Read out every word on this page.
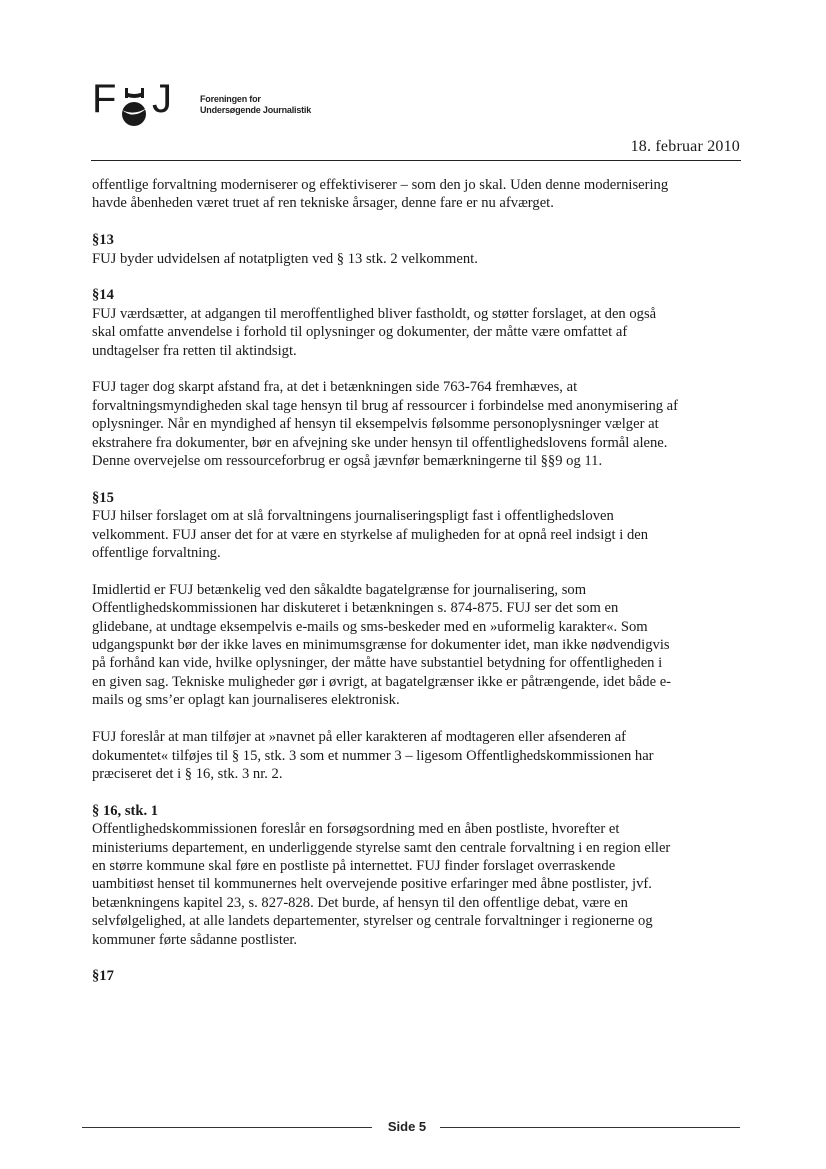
F J	Foreningen for
Undersøgende Journalistik
18. februar 2010

offentlige forvaltning moderniserer og effektiviserer – som den jo skal. Uden denne modernisering
havde åbenheden været truet af ren tekniske årsager, denne fare er nu afværget.

§13
FUJ byder udvidelsen af notatpligten ved § 13 stk. 2 velkomment.

§14
FUJ værdsætter, at adgangen til meroffentlighed bliver fastholdt, og støtter forslaget, at den også
skal omfatte anvendelse i forhold til oplysninger og dokumenter, der måtte være omfattet af
undtagelser fra retten til aktindsigt.

FUJ tager dog skarpt afstand fra, at det i betænkningen side 763-764 fremhæves, at
forvaltningsmyndigheden skal tage hensyn til brug af ressourcer i forbindelse med anonymisering af
oplysninger. Når en myndighed af hensyn til eksempelvis følsomme personoplysninger vælger at
ekstrahere fra dokumenter, bør en afvejning ske under hensyn til offentlighedslovens formål alene.
Denne overvejelse om ressourceforbrug er også jævnfør bemærkningerne til §§9 og 11.

§15
FUJ hilser forslaget om at slå forvaltningens journaliseringspligt fast i offentlighedsloven
velkomment. FUJ anser det for at være en styrkelse af muligheden for at opnå reel indsigt i den
offentlige forvaltning.

Imidlertid er FUJ betænkelig ved den såkaldte bagatelgrænse for journalisering, som
Offentlighedskommissionen har diskuteret i betænkningen s. 874-875. FUJ ser det som en
glidebane, at undtage eksempelvis e-mails og sms-beskeder med en »uformelig karakter«. Som
udgangspunkt bør der ikke laves en minimumsgrænse for dokumenter idet, man ikke nødvendigvis
på forhånd kan vide, hvilke oplysninger, der måtte have substantiel betydning for offentligheden i
en given sag. Tekniske muligheder gør i øvrigt, at bagatelgrænser ikke er påtrængende, idet både e-
mails og sms’er oplagt kan journaliseres elektronisk.

FUJ foreslår at man tilføjer at »navnet på eller karakteren af modtageren eller afsenderen af
dokumentet« tilføjes til § 15, stk. 3 som et nummer 3 – ligesom Offentlighedskommissionen har
præciseret det i § 16, stk. 3 nr. 2.

§ 16, stk. 1
Offentlighedskommissionen foreslår en forsøgsordning med en åben postliste, hvorefter et
ministeriums departement, en underliggende styrelse samt den centrale forvaltning i en region eller
en større kommune skal føre en postliste på internettet. FUJ finder forslaget overraskende
uambitiøst henset til kommunernes helt overvejende positive erfaringer med åbne postlister, jvf.
betænkningens kapitel 23, s. 827-828. Det burde, af hensyn til den offentlige debat, være en
selvfølgelighed, at alle landets departementer, styrelser og centrale forvaltninger i regionerne og
kommuner førte sådanne postlister.

§17

Side 5
